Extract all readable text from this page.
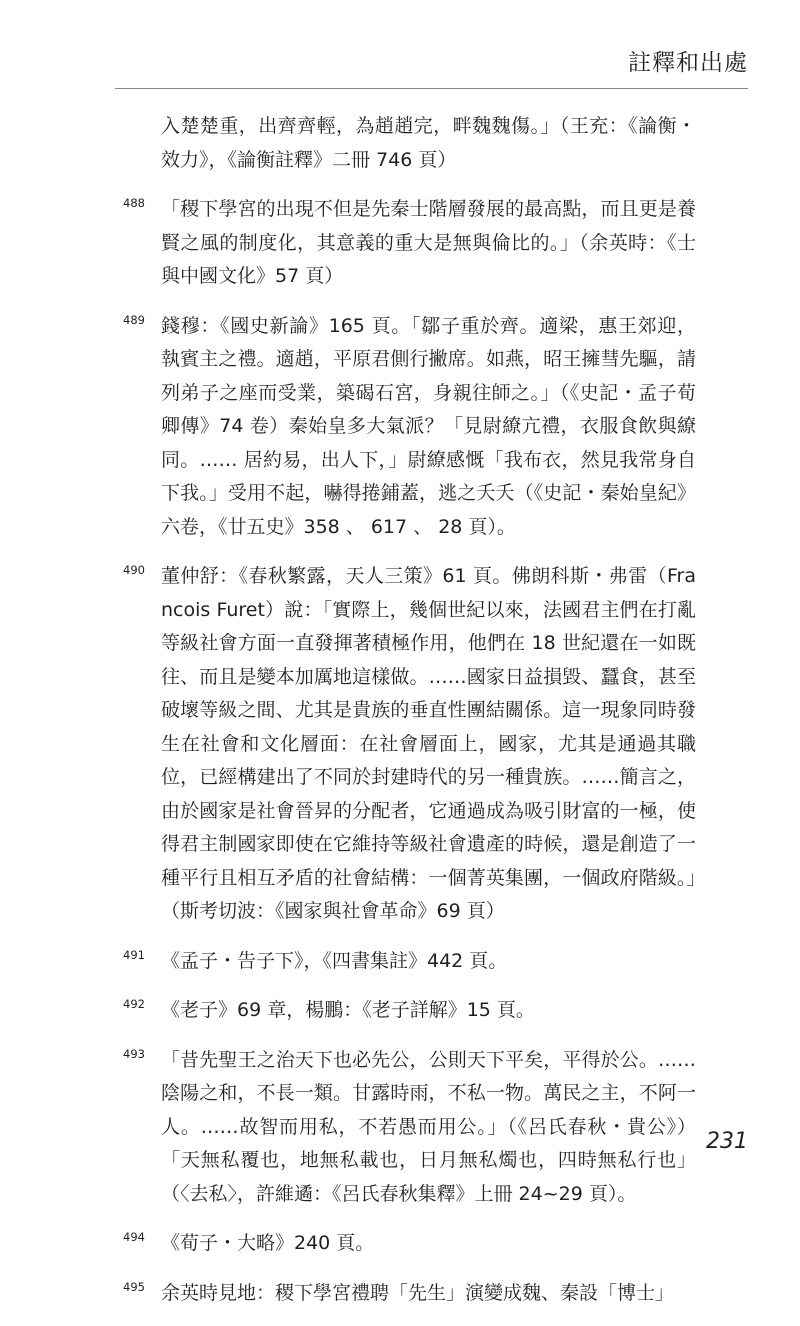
註釋和出處

入楚楚重，出齊齊輕，為趙趙完，畔魏魏傷。」（王充：《論衡・效力》，《論衡註釋》二冊 746 頁）

488 「稷下學宮的出現不但是先秦士階層發展的最高點，而且更是養賢之風的制度化，其意義的重大是無與倫比的。」（余英時：《士與中國文化》57 頁）

489 錢穆：《國史新論》165 頁。「鄒子重於齊。適梁，惠王郊迎，執賓主之禮。適趙，平原君側行撇席。如燕，昭王擁彗先驅，請列弟子之座而受業，築碣石宮，身親往師之。」（《史記・孟子荀卿傳》74 卷）秦始皇多大氣派？「見尉繚亢禮，衣服食飲與繚同。…… 居約易，出人下，」尉繚感慨「我布衣，然見我常身自下我。」受用不起，嚇得捲鋪蓋，逃之夭夭（《史記・秦始皇紀》六卷，《廿五史》358 、 617 、 28 頁）。

490 董仲舒：《春秋繁露，天人三策》61 頁。佛朗科斯・弗雷（Francois Furet）說：「實際上，幾個世紀以來，法國君主們在打亂等級社會方面一直發揮著積極作用，他們在 18 世紀還在一如既往、而且是變本加厲地這樣做。……國家日益損毀、蠶食，甚至破壞等級之間、尤其是貴族的垂直性團結關係。這一現象同時發生在社會和文化層面：在社會層面上，國家，尤其是通過其職位，已經構建出了不同於封建時代的另一種貴族。……簡言之，由於國家是社會晉昇的分配者，它通過成為吸引財富的一極，使得君主制國家即使在它維持等級社會遺產的時候，還是創造了一種平行且相互矛盾的社會結構：一個菁英集團，一個政府階級。」（斯考切波：《國家與社會革命》69 頁）

491 《孟子・告子下》，《四書集註》442 頁。

492 《老子》69 章，楊鵬：《老子詳解》15 頁。

493 「昔先聖王之治天下也必先公，公則天下平矣，平得於公。……陰陽之和，不長一類。甘露時雨，不私一物。萬民之主，不阿一人。……故智而用私，不若愚而用公。」（《呂氏春秋・貴公》）「天無私覆也，地無私載也，日月無私燭也，四時無私行也」（〈去私〉，許維遹：《呂氏春秋集釋》上冊 24~29 頁）。

494 《荀子・大略》240 頁。

495 余英時見地：稷下學宮禮聘「先生」演變成魏、秦設「博士」

231
